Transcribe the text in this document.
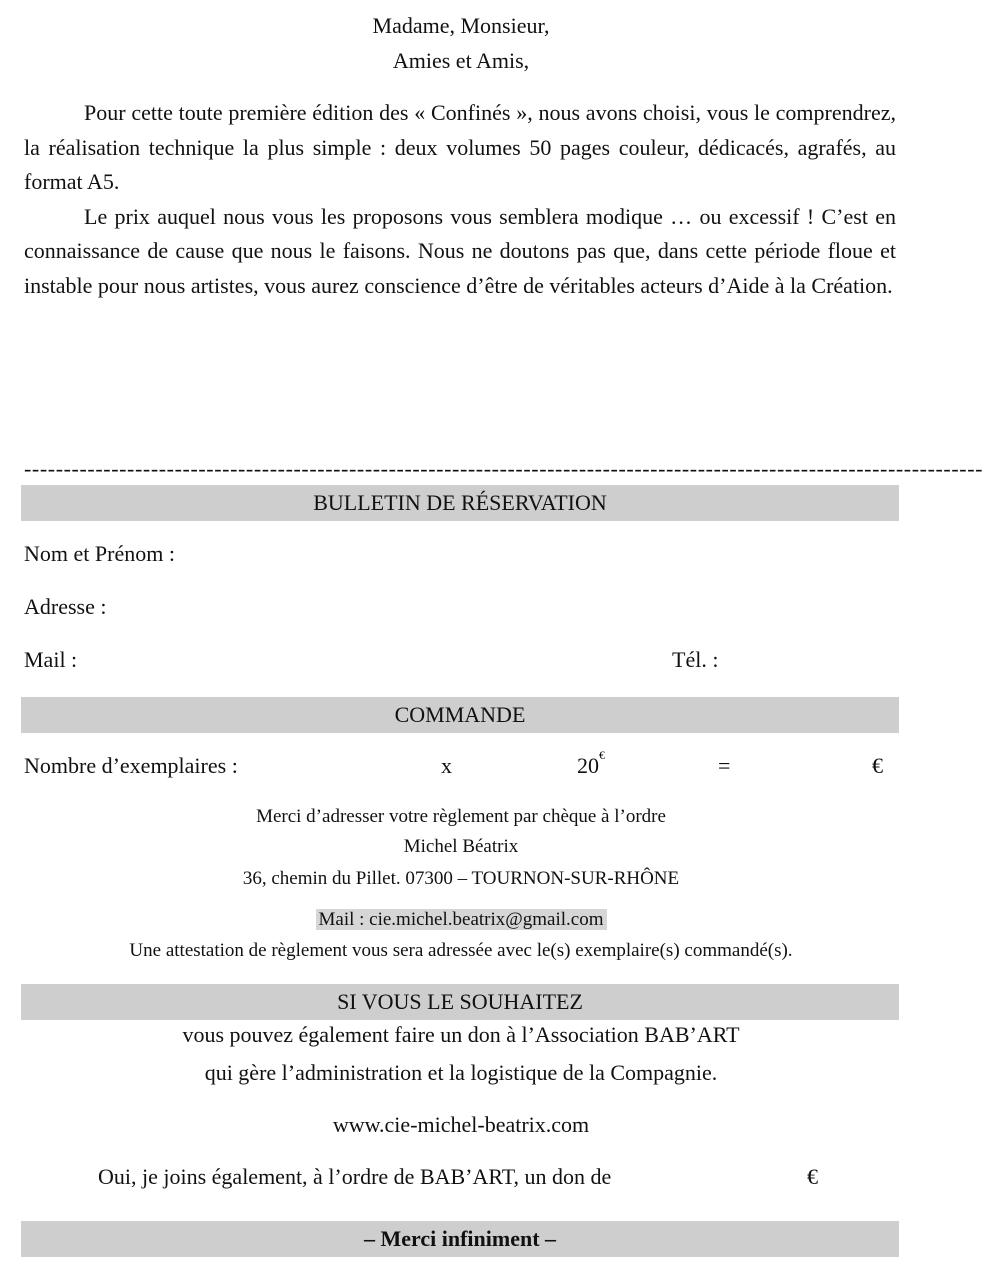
Madame, Monsieur,
Amies et Amis,

Pour cette toute première édition des « Confinés », nous avons choisi, vous le comprendrez, la réalisation technique la plus simple : deux volumes 50 pages couleur, dédicacés, agrafés, au format A5.

Le prix auquel nous vous les proposons vous semblera modique … ou excessif ! C’est en connaissance de cause que nous le faisons. Nous ne doutons pas que, dans cette période floue et instable pour nous artistes, vous aurez conscience d’être de véritables acteurs d’Aide à la Création.

-------------------------------------------------------------------------------------------------------------------------
BULLETIN DE RÉSERVATION
Nom et Prénom :
Adresse :
Mail :	Tél. :
COMMANDE
Nombre d’exemplaires :	x	20€	=	€
Merci d’adresser votre règlement par chèque à l’ordre
Michel Béatrix
36, chemin du Pillet. 07300 – TOURNON-SUR-RHÔNE
Mail : cie.michel.beatrix@gmail.com
Une attestation de règlement vous sera adressée avec le(s) exemplaire(s) commandé(s).
SI VOUS LE SOUHAITEZ
vous pouvez également faire un don à l’Association BAB’ART
qui gère l’administration et la logistique de la Compagnie.
www.cie-michel-beatrix.com
Oui, je joins également, à l’ordre de BAB’ART, un don de	€
– Merci infiniment –
